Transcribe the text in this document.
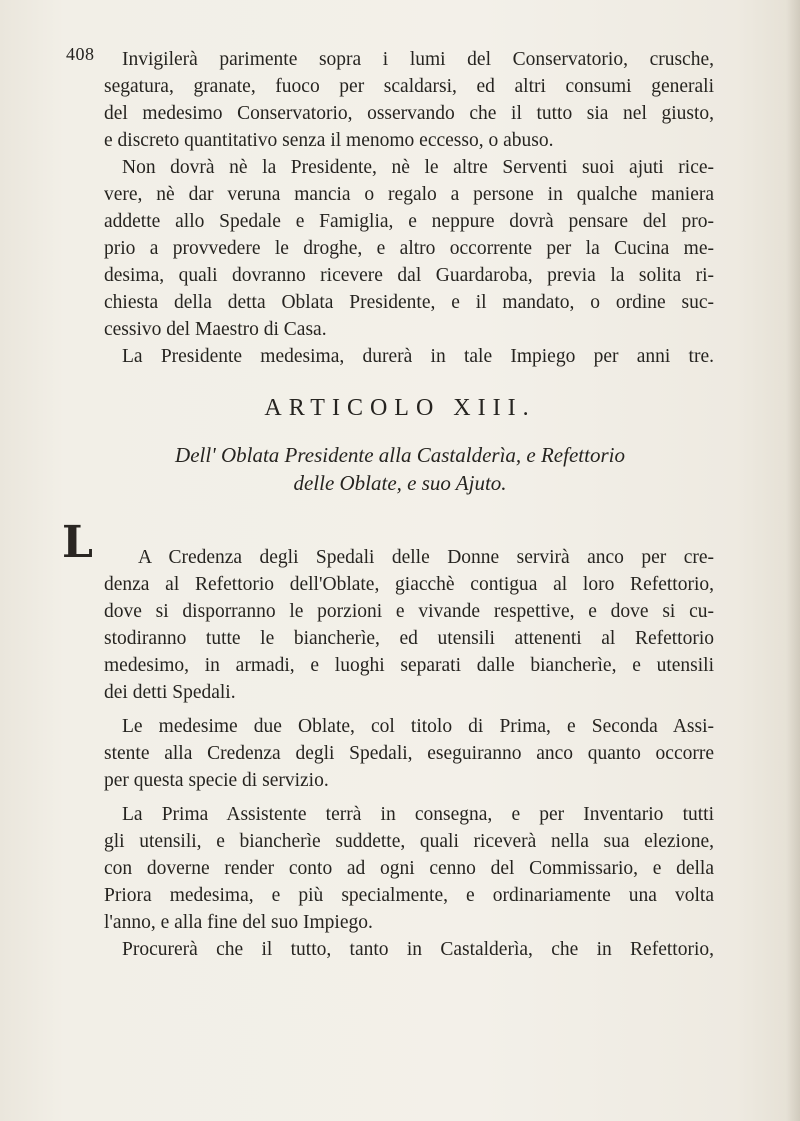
408 Invigilerà parimente sopra i lumi del Conservatorio, crusche,
segatura, granate, fuoco per scaldarsi, ed altri consumi generali
del medesimo Conservatorio, osservando che il tutto sia nel giusto,
e discreto quantitativo senza il menomo eccesso, o abuso.
Non dovrà nè la Presidente, nè le altre Serventi suoi ajuti rice-
vere, nè dar veruna mancia o regalo a persone in qualche maniera
addette allo Spedale e Famiglia, e neppure dovrà pensare del pro-
prio a provvedere le droghe, e altro occorrente per la Cucina me-
desima, quali dovranno ricevere dal Guardaroba, previa la solita ri-
chiesta della detta Oblata Presidente, e il mandato, o ordine suc-
cessivo del Maestro di Casa.
La Presidente medesima, durerà in tale Impiego per anni tre.
ARTICOLO XIII.
Dell' Oblata Presidente alla Castalderìa, e Refettorio
delle Oblate, e suo Ajuto.
L A Credenza degli Spedali delle Donne servirà anco per cre-
denza al Refettorio dell'Oblate, giacchè contigua al loro Refettorio,
dove si disporranno le porzioni e vivande respettive, e dove si cu-
stodiranno tutte le biancherìe, ed utensili attenenti al Refettorio
medesimo, in armadi, e luoghi separati dalle biancherìe, e utensili
dei detti Spedali.
Le medesime due Oblate, col titolo di Prima, e Seconda Assi-
stente alla Credenza degli Spedali, eseguiranno anco quanto occorre
per questa specie di servizio.
La Prima Assistente terrà in consegna, e per Inventario tutti
gli utensili, e biancherìe suddette, quali riceverà nella sua elezione,
con doverne render conto ad ogni cenno del Commissario, e della
Priora medesima, e più specialmente, e ordinariamente una volta
l'anno, e alla fine del suo Impiego.
Procurerà che il tutto, tanto in Castalderìa, che in Refettorio,
